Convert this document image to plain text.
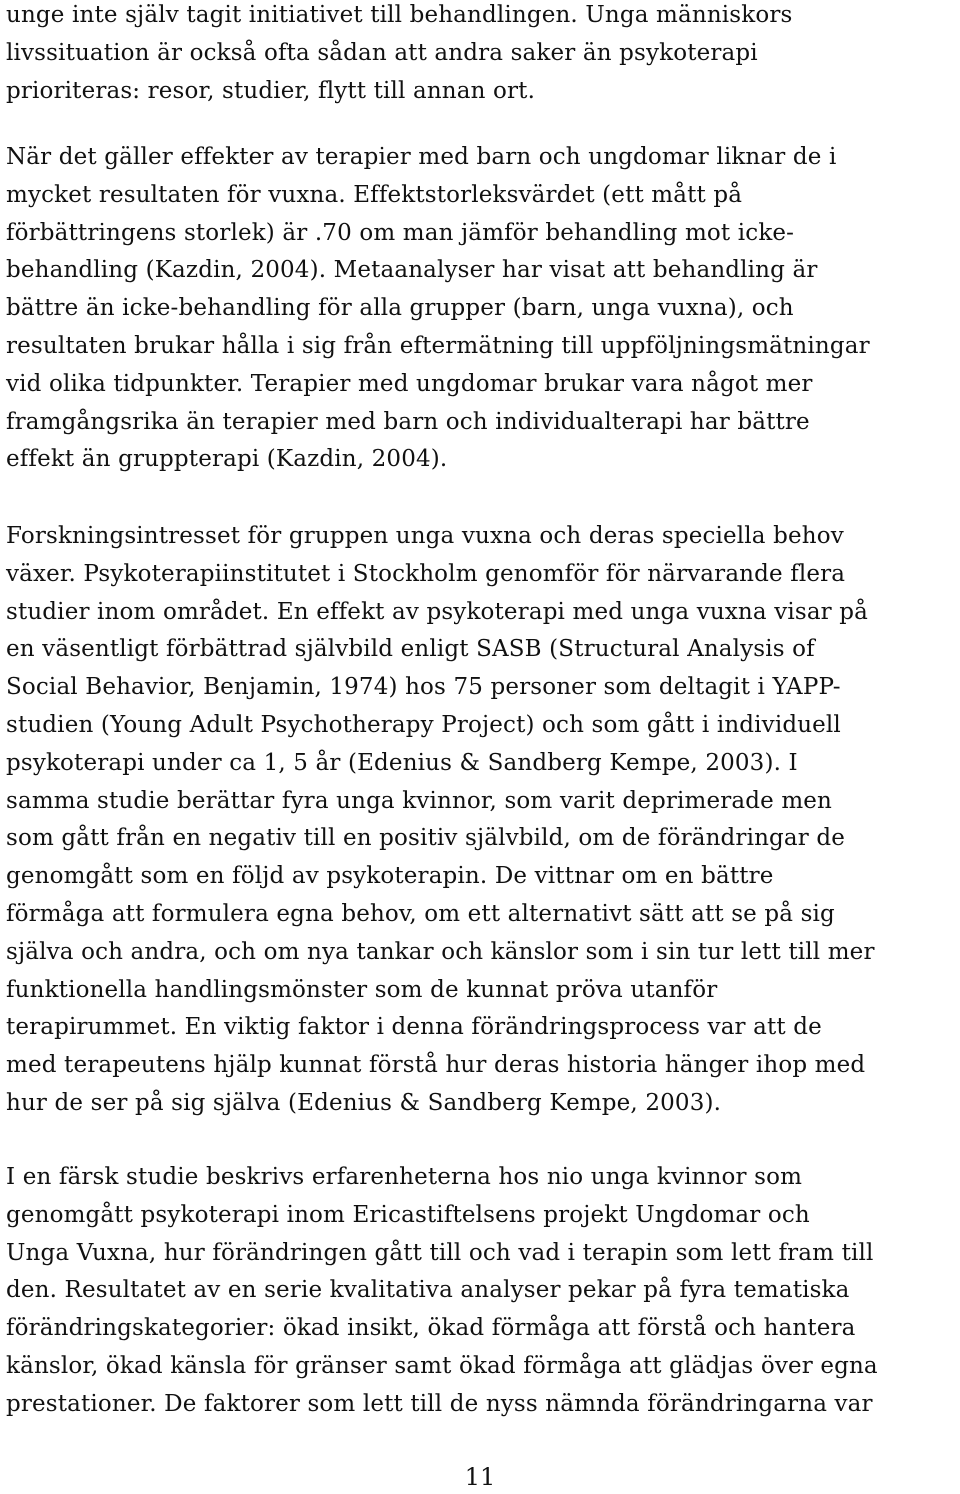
unge inte själv tagit initiativet till behandlingen. Unga människors
livssituation är också ofta sådan att andra saker än psykoterapi
prioriteras: resor, studier, flytt till annan ort.

När det gäller effekter av terapier med barn och ungdomar liknar de i
mycket resultaten för vuxna. Effektstorleksvärdet (ett mått på
förbättringens storlek) är .70 om man jämför behandling mot icke-
behandling (Kazdin, 2004). Metaanalyser har visat att behandling är
bättre än icke-behandling för alla grupper (barn, unga vuxna), och
resultaten brukar hålla i sig från eftermätning till uppföljningsmätningar
vid olika tidpunkter. Terapier med ungdomar brukar vara något mer
framgångsrika än terapier med barn och individualterapi har bättre
effekt än gruppterapi (Kazdin, 2004).

Forskningsintresset för gruppen unga vuxna och deras speciella behov
växer. Psykoterapiinstitutet i Stockholm genomför för närvarande flera
studier inom området. En effekt av psykoterapi med unga vuxna visar på
en väsentligt förbättrad självbild enligt SASB (Structural Analysis of
Social Behavior, Benjamin, 1974) hos 75 personer som deltagit i YAPP-
studien (Young Adult Psychotherapy Project) och som gått i individuell
psykoterapi under ca 1, 5 år (Edenius & Sandberg Kempe, 2003). I
samma studie berättar fyra unga kvinnor, som varit deprimerade men
som gått från en negativ till en positiv självbild, om de förändringar de
genomgått som en följd av psykoterapin. De vittnar om en bättre
förmåga att formulera egna behov, om ett alternativt sätt att se på sig
själva och andra, och om nya tankar och känslor som i sin tur lett till mer
funktionella handlingsmönster som de kunnat pröva utanför
terapirummet. En viktig faktor i denna förändringsprocess var att de
med terapeutens hjälp kunnat förstå hur deras historia hänger ihop med
hur de ser på sig själva (Edenius & Sandberg Kempe, 2003).

I en färsk studie beskrivs erfarenheterna hos nio unga kvinnor som
genomgått psykoterapi inom Ericastiftelsens projekt Ungdomar och
Unga Vuxna, hur förändringen gått till och vad i terapin som lett fram till
den. Resultatet av en serie kvalitativa analyser pekar på fyra tematiska
förändringskategorier: ökad insikt, ökad förmåga att förstå och hantera
känslor, ökad känsla för gränser samt ökad förmåga att glädjas över egna
prestationer. De faktorer som lett till de nyss nämnda förändringarna var

11
